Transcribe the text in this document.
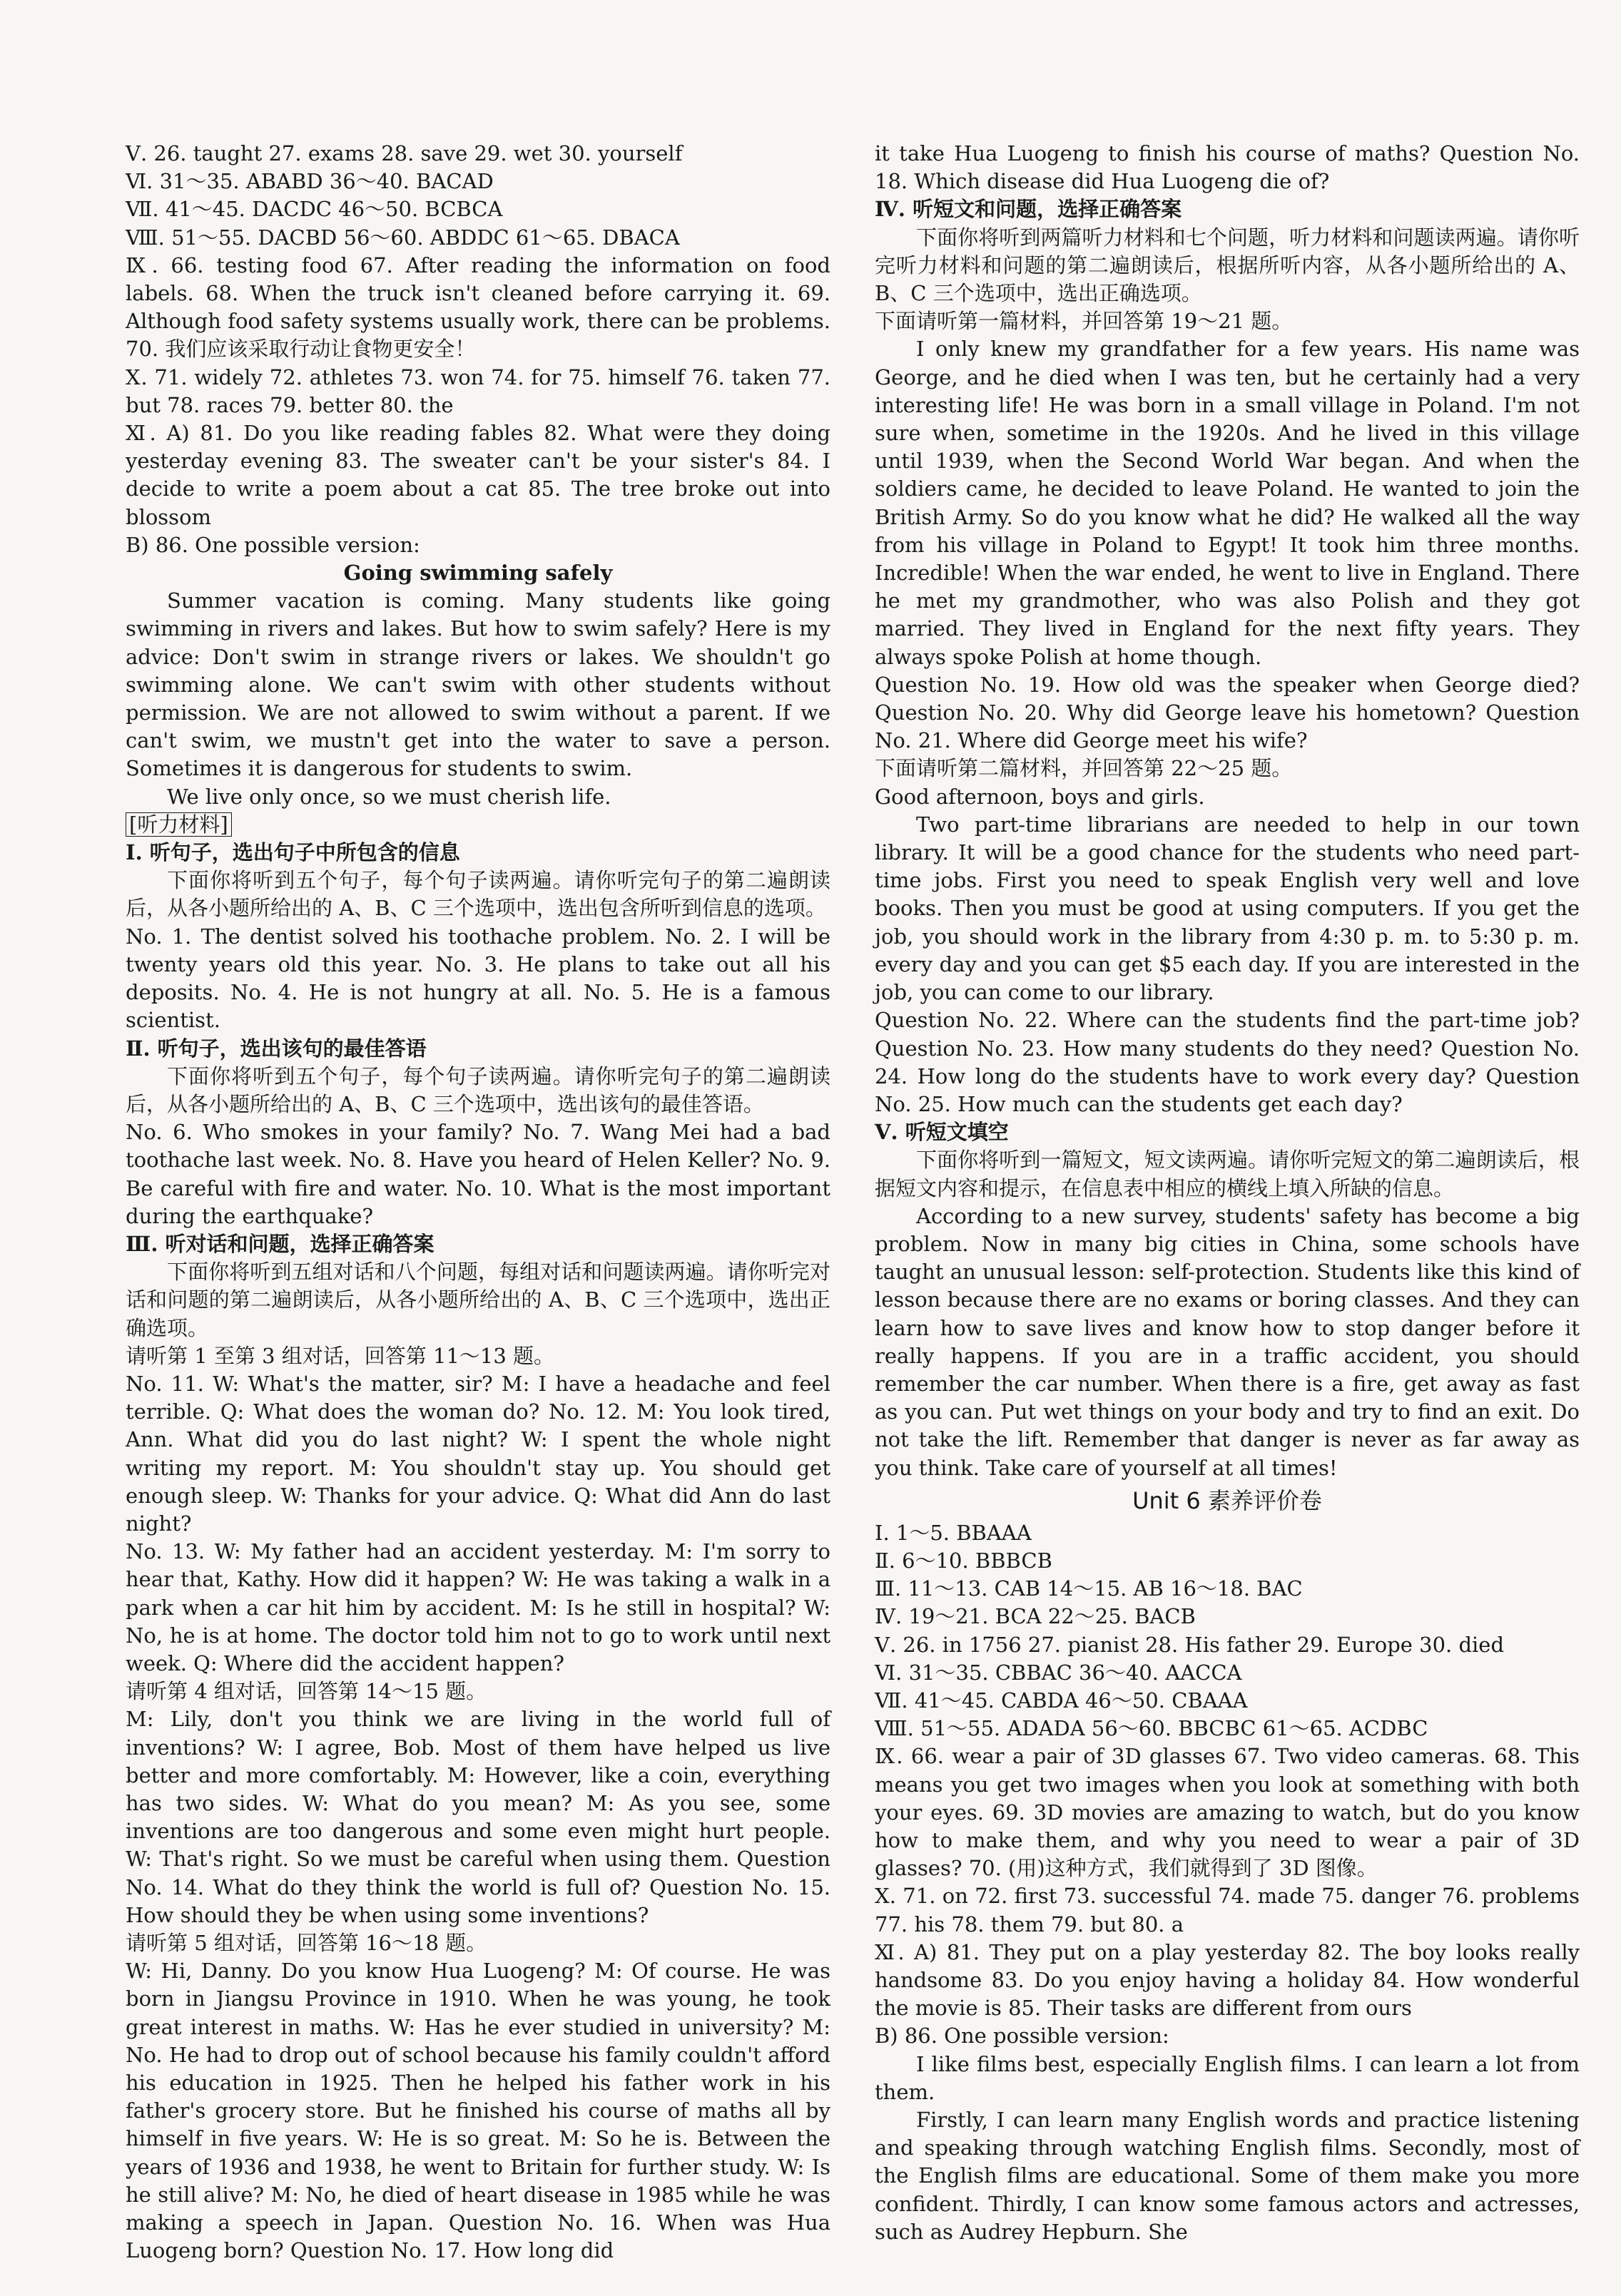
Ⅴ. 26. taught 27. exams 28. save 29. wet 30. yourself

Ⅵ. 31～35. ABABD 36～40. BACAD

Ⅶ. 41～45. DACDC 46～50. BCBCA

Ⅷ. 51～55. DACBD 56～60. ABDDC 61～65. DBACA

Ⅸ. 66. testing food 67. After reading the information on food labels. 68. When the truck isn't cleaned before carrying it. 69. Although food safety systems usually work, there can be problems. 70. 我们应该采取行动让食物更安全！

Ⅹ. 71. widely 72. athletes 73. won 74. for 75. himself 76. taken 77. but 78. races 79. better 80. the

Ⅺ. A) 81. Do you like reading fables 82. What were they doing yesterday evening 83. The sweater can't be your sister's 84. I decide to write a poem about a cat 85. The tree broke out into blossom

B) 86. One possible version:

Going swimming safely

Summer vacation is coming. Many students like going swimming in rivers and lakes. But how to swim safely? Here is my advice: Don't swim in strange rivers or lakes. We shouldn't go swimming alone. We can't swim with other students without permission. We are not allowed to swim without a parent. If we can't swim, we mustn't get into the water to save a person. Sometimes it is dangerous for students to swim.

We live only once, so we must cherish life.

[听力材料]

Ⅰ. 听句子，选出句子中所包含的信息

下面你将听到五个句子，每个句子读两遍。请你听完句子的第二遍朗读后，从各小题所给出的 A、B、C 三个选项中，选出包含所听到信息的选项。

No. 1. The dentist solved his toothache problem. No. 2. I will be twenty years old this year. No. 3. He plans to take out all his deposits. No. 4. He is not hungry at all. No. 5. He is a famous scientist.

Ⅱ. 听句子，选出该句的最佳答语

下面你将听到五个句子，每个句子读两遍。请你听完句子的第二遍朗读后，从各小题所给出的 A、B、C 三个选项中，选出该句的最佳答语。

No. 6. Who smokes in your family? No. 7. Wang Mei had a bad toothache last week. No. 8. Have you heard of Helen Keller? No. 9. Be careful with fire and water. No. 10. What is the most important during the earthquake?

Ⅲ. 听对话和问题，选择正确答案

下面你将听到五组对话和八个问题，每组对话和问题读两遍。请你听完对话和问题的第二遍朗读后，从各小题所给出的 A、B、C 三个选项中，选出正确选项。

请听第 1 至第 3 组对话，回答第 11～13 题。

No. 11. W: What's the matter, sir? M: I have a headache and feel terrible. Q: What does the woman do? No. 12. M: You look tired, Ann. What did you do last night? W: I spent the whole night writing my report. M: You shouldn't stay up. You should get enough sleep. W: Thanks for your advice. Q: What did Ann do last night?

No. 13. W: My father had an accident yesterday. M: I'm sorry to hear that, Kathy. How did it happen? W: He was taking a walk in a park when a car hit him by accident. M: Is he still in hospital? W: No, he is at home. The doctor told him not to go to work until next week. Q: Where did the accident happen?

请听第 4 组对话，回答第 14～15 题。

M: Lily, don't you think we are living in the world full of inventions? W: I agree, Bob. Most of them have helped us live better and more comfortably. M: However, like a coin, everything has two sides. W: What do you mean? M: As you see, some inventions are too dangerous and some even might hurt people. W: That's right. So we must be careful when using them. Question No. 14. What do they think the world is full of? Question No. 15. How should they be when using some inventions?

请听第 5 组对话，回答第 16～18 题。

W: Hi, Danny. Do you know Hua Luogeng? M: Of course. He was born in Jiangsu Province in 1910. When he was young, he took great interest in maths. W: Has he ever studied in university? M: No. He had to drop out of school because his family couldn't afford his education in 1925. Then he helped his father work in his father's grocery store. But he finished his course of maths all by himself in five years. W: He is so great. M: So he is. Between the years of 1936 and 1938, he went to Britain for further study. W: Is he still alive? M: No, he died of heart disease in 1985 while he was making a speech in Japan. Question No. 16. When was Hua Luogeng born? Question No. 17. How long did

it take Hua Luogeng to finish his course of maths? Question No. 18. Which disease did Hua Luogeng die of?

Ⅳ. 听短文和问题，选择正确答案

下面你将听到两篇听力材料和七个问题，听力材料和问题读两遍。请你听完听力材料和问题的第二遍朗读后，根据所听内容，从各小题所给出的 A、B、C 三个选项中，选出正确选项。

下面请听第一篇材料，并回答第 19～21 题。

I only knew my grandfather for a few years. His name was George, and he died when I was ten, but he certainly had a very interesting life! He was born in a small village in Poland. I'm not sure when, sometime in the 1920s. And he lived in this village until 1939, when the Second World War began. And when the soldiers came, he decided to leave Poland. He wanted to join the British Army. So do you know what he did? He walked all the way from his village in Poland to Egypt! It took him three months. Incredible! When the war ended, he went to live in England. There he met my grandmother, who was also Polish and they got married. They lived in England for the next fifty years. They always spoke Polish at home though.

Question No. 19. How old was the speaker when George died? Question No. 20. Why did George leave his hometown? Question No. 21. Where did George meet his wife?

下面请听第二篇材料，并回答第 22～25 题。

Good afternoon, boys and girls.

Two part-time librarians are needed to help in our town library. It will be a good chance for the students who need part-time jobs. First you need to speak English very well and love books. Then you must be good at using computers. If you get the job, you should work in the library from 4:30 p. m. to 5:30 p. m. every day and you can get $5 each day. If you are interested in the job, you can come to our library.

Question No. 22. Where can the students find the part-time job? Question No. 23. How many students do they need? Question No. 24. How long do the students have to work every day? Question No. 25. How much can the students get each day?

Ⅴ. 听短文填空

下面你将听到一篇短文，短文读两遍。请你听完短文的第二遍朗读后，根据短文内容和提示，在信息表中相应的横线上填入所缺的信息。

According to a new survey, students' safety has become a big problem. Now in many big cities in China, some schools have taught an unusual lesson: self-protection. Students like this kind of lesson because there are no exams or boring classes. And they can learn how to save lives and know how to stop danger before it really happens. If you are in a traffic accident, you should remember the car number. When there is a fire, get away as fast as you can. Put wet things on your body and try to find an exit. Do not take the lift. Remember that danger is never as far away as you think. Take care of yourself at all times!

Unit 6 素养评价卷

Ⅰ. 1～5. BBAAA

Ⅱ. 6～10. BBBCB

Ⅲ. 11～13. CAB 14～15. AB 16～18. BAC

Ⅳ. 19～21. BCA 22～25. BACB

Ⅴ. 26. in 1756 27. pianist 28. His father 29. Europe 30. died

Ⅵ. 31～35. CBBAC 36～40. AACCA

Ⅶ. 41～45. CABDA 46～50. CBAAA

Ⅷ. 51～55. ADADA 56～60. BBCBC 61～65. ACDBC

Ⅸ. 66. wear a pair of 3D glasses 67. Two video cameras. 68. This means you get two images when you look at something with both your eyes. 69. 3D movies are amazing to watch, but do you know how to make them, and why you need to wear a pair of 3D glasses? 70. (用)这种方式，我们就得到了 3D 图像。

Ⅹ. 71. on 72. first 73. successful 74. made 75. danger 76. problems 77. his 78. them 79. but 80. a

Ⅺ. A) 81. They put on a play yesterday 82. The boy looks really handsome 83. Do you enjoy having a holiday 84. How wonderful the movie is 85. Their tasks are different from ours

B) 86. One possible version:

I like films best, especially English films. I can learn a lot from them.

Firstly, I can learn many English words and practice listening and speaking through watching English films. Secondly, most of the English films are educational. Some of them make you more confident. Thirdly, I can know some famous actors and actresses, such as Audrey Hepburn. She
